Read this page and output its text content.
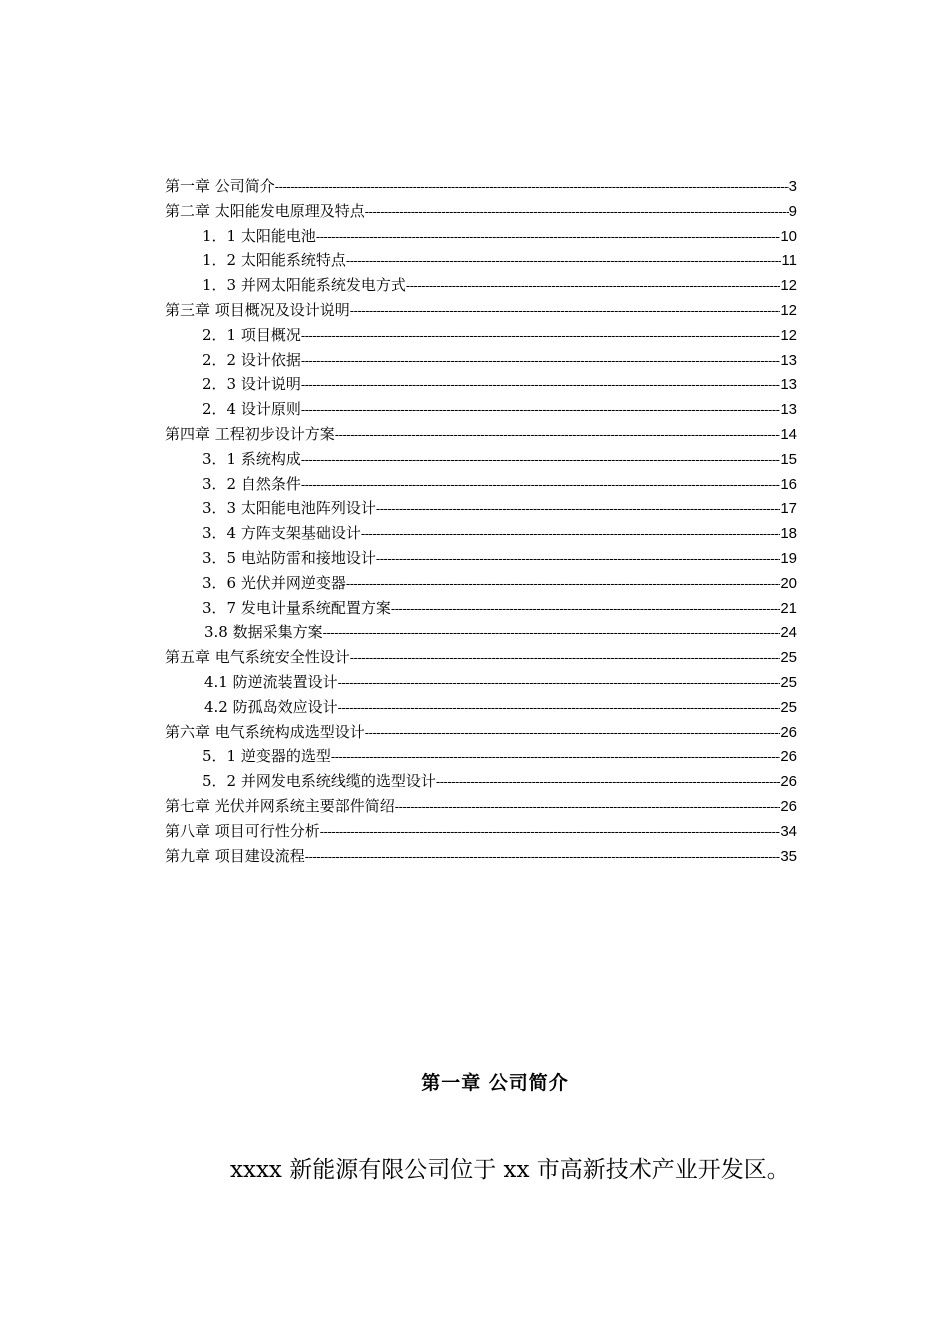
第一章 公司简介 -----	3
第二章 太阳能发电原理及特点 -----	9
1．1 太阳能电池 -----	10
1．2 太阳能系统特点 -----	11
1．3 并网太阳能系统发电方式 -----	12
第三章 项目概况及设计说明 -----	12
2．1 项目概况 -----	12
2．2 设计依据 -----	13
2．3 设计说明 -----	13
2．4 设计原则 -----	13
第四章 工程初步设计方案 -----	14
3．1 系统构成 -----	15
3．2 自然条件 -----	16
3．3 太阳能电池阵列设计 -----	17
3．4 方阵支架基础设计 -----	18
3．5 电站防雷和接地设计 -----	19
3．6 光伏并网逆变器 -----	20
3．7 发电计量系统配置方案 -----	21
3.8 数据采集方案 -----	24
第五章 电气系统安全性设计 -----	25
4.1 防逆流装置设计 -----	25
4.2 防孤岛效应设计 -----	25
第六章 电气系统构成选型设计 -----	26
5．1 逆变器的选型 -----	26
5．2 并网发电系统线缆的选型设计 -----	26
第七章 光伏并网系统主要部件简绍 -----	26
第八章 项目可行性分析 -----	34
第九章 项目建设流程 -----	35
第一章 公司简介
xxxx 新能源有限公司位于 xx 市高新技术产业开发区。
